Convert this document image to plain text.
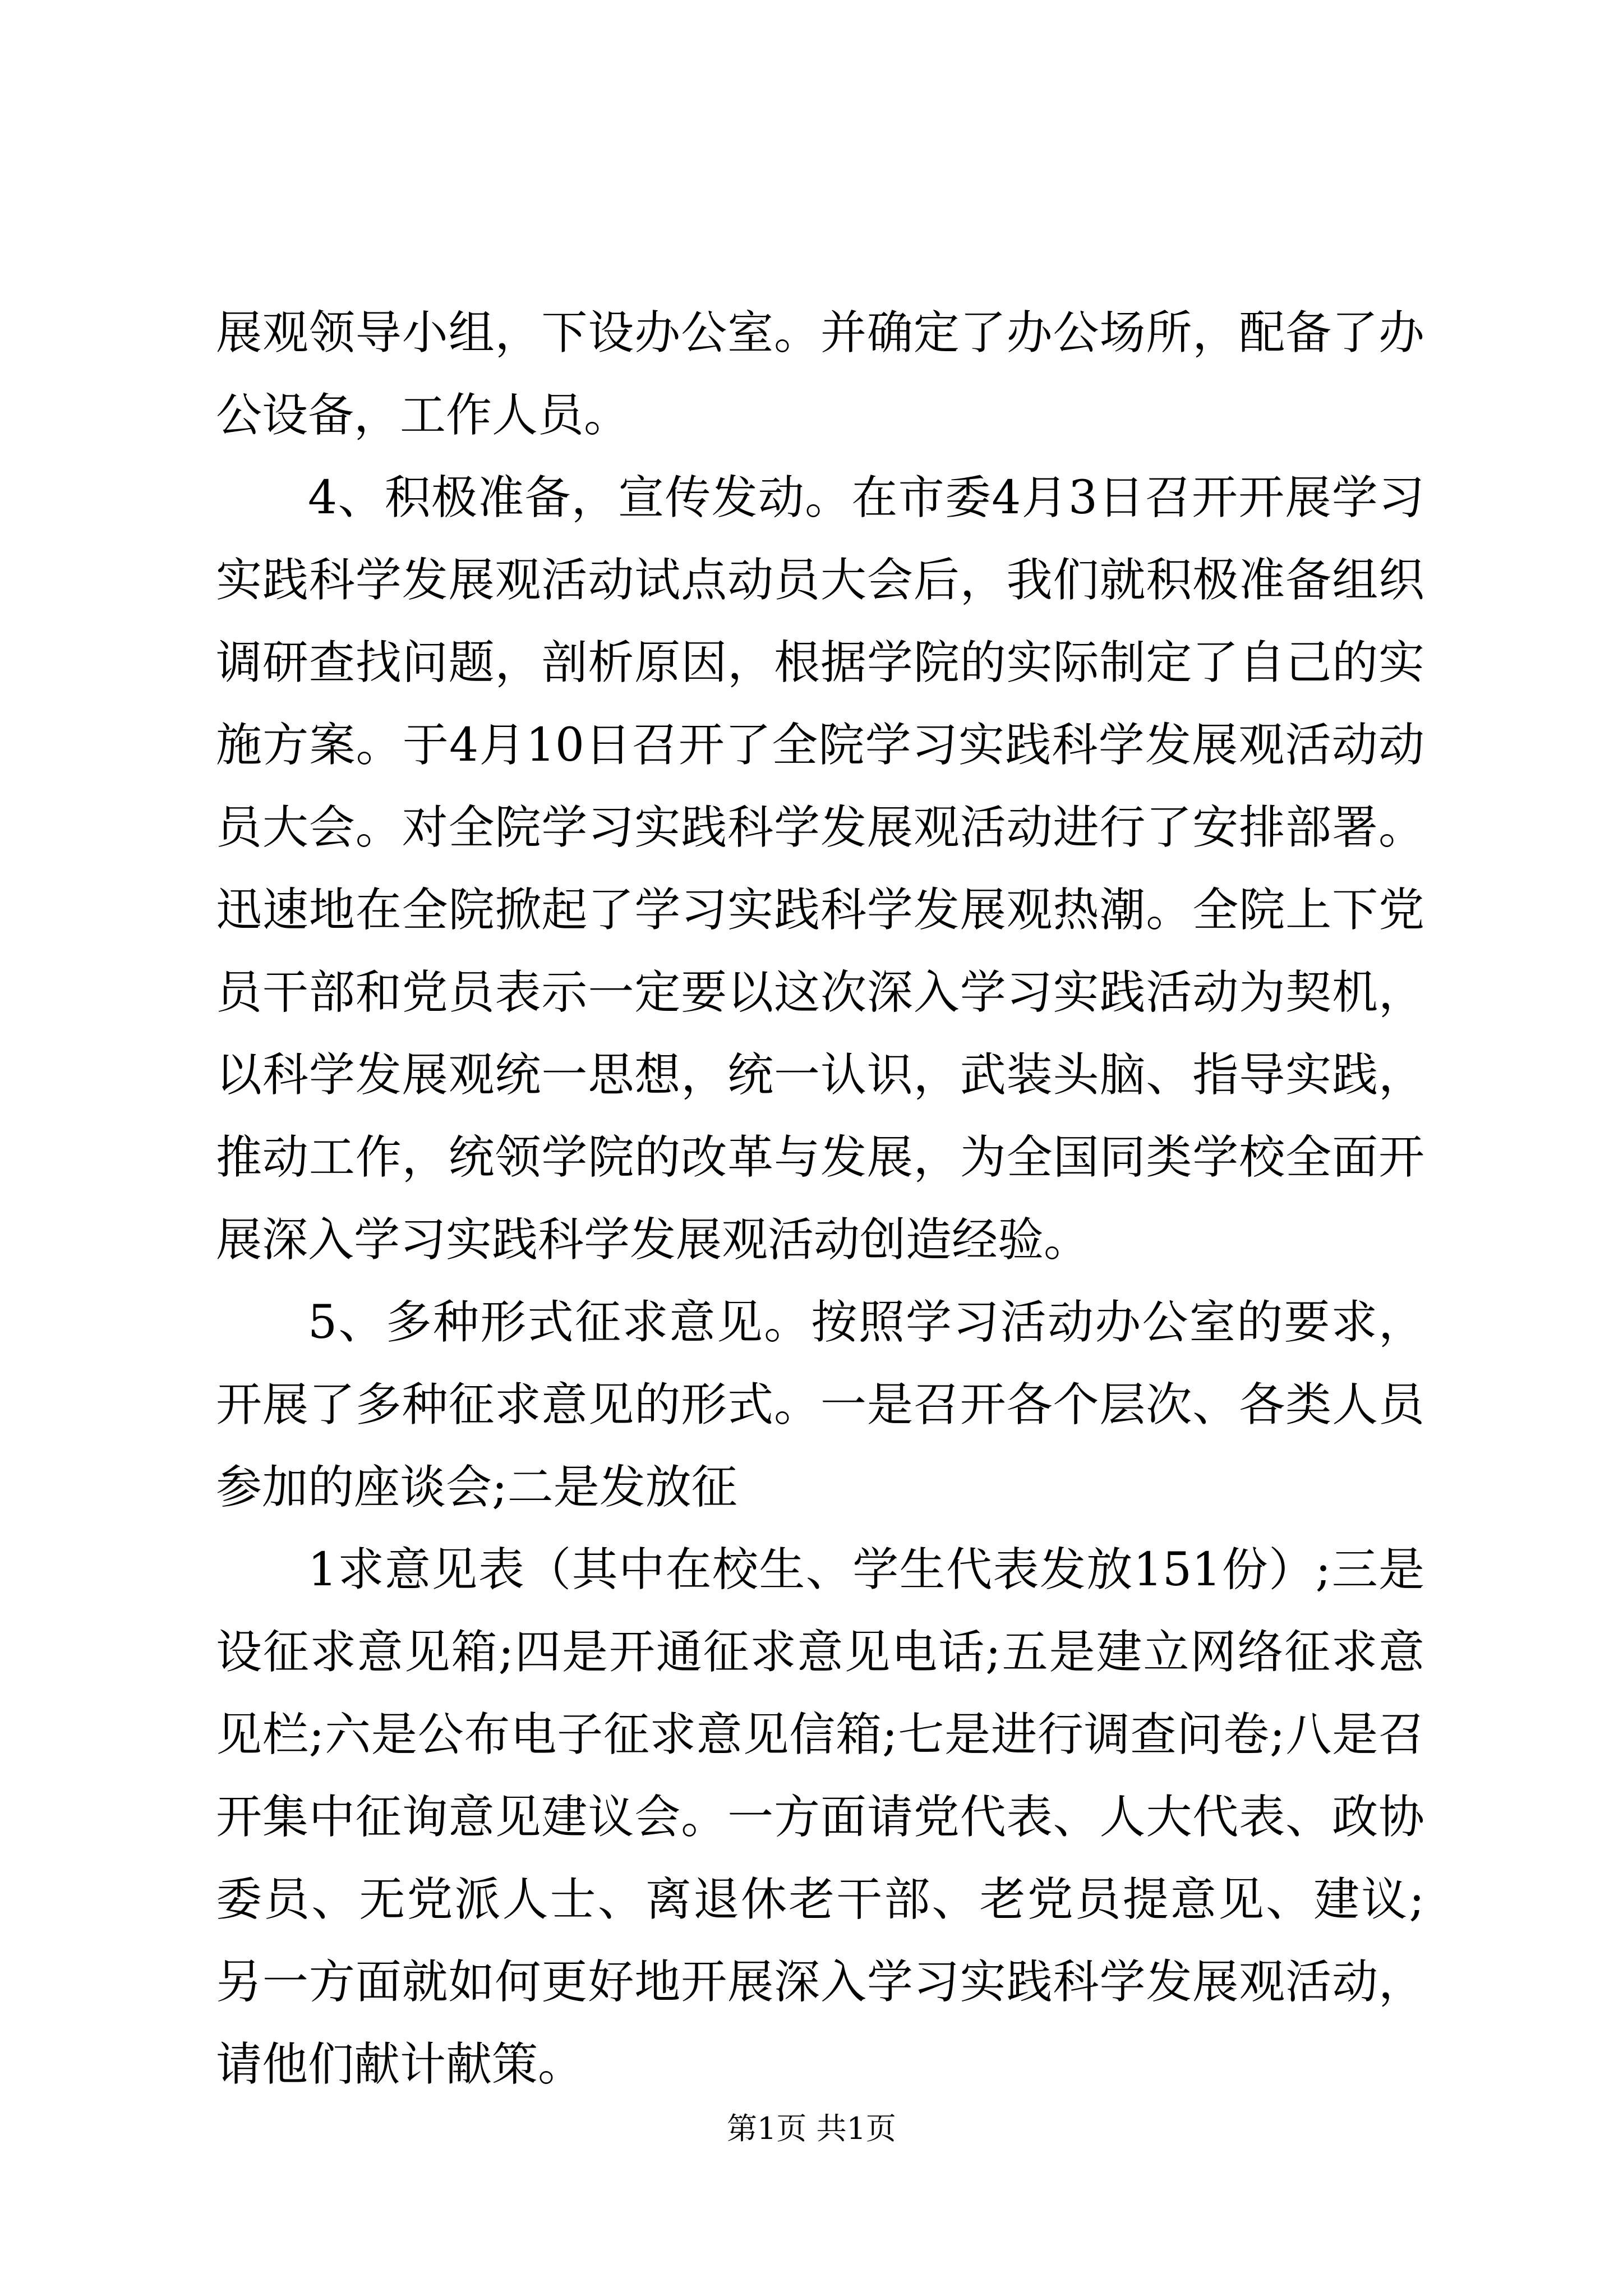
展观领导小组，下设办公室。并确定了办公场所，配备了办公设备，工作人员。

4、积极准备，宣传发动。在市委4月3日召开开展学习实践科学发展观活动试点动员大会后，我们就积极准备组织调研查找问题，剖析原因，根据学院的实际制定了自己的实施方案。于4月10日召开了全院学习实践科学发展观活动动员大会。对全院学习实践科学发展观活动进行了安排部署。迅速地在全院掀起了学习实践科学发展观热潮。全院上下党员干部和党员表示一定要以这次深入学习实践活动为契机，以科学发展观统一思想，统一认识，武装头脑、指导实践，推动工作，统领学院的改革与发展，为全国同类学校全面开展深入学习实践科学发展观活动创造经验。

5、多种形式征求意见。按照学习活动办公室的要求，开展了多种征求意见的形式。一是召开各个层次、各类人员参加的座谈会;二是发放征

1求意见表（其中在校生、学生代表发放151份）;三是设征求意见箱;四是开通征求意见电话;五是建立网络征求意见栏;六是公布电子征求意见信箱;七是进行调查问卷;八是召开集中征询意见建议会。一方面请党代表、人大代表、政协委员、无党派人士、离退休老干部、老党员提意见、建议;另一方面就如何更好地开展深入学习实践科学发展观活动，请他们献计献策。

第1页 共1页
